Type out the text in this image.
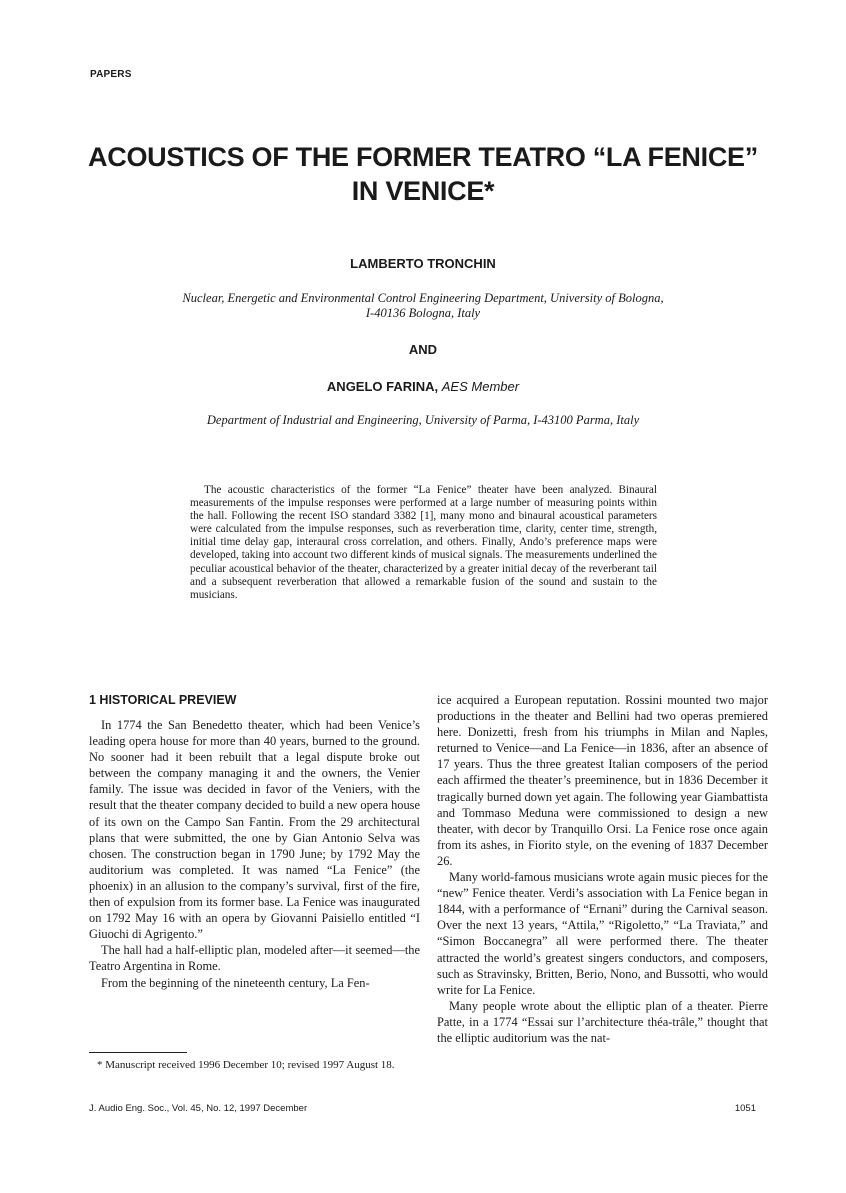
PAPERS
ACOUSTICS OF THE FORMER TEATRO “LA FENICE”
IN VENICE*
LAMBERTO TRONCHIN
Nuclear, Energetic and Environmental Control Engineering Department, University of Bologna,
I-40136 Bologna, Italy
AND
ANGELO FARINA, AES Member
Department of Industrial and Engineering, University of Parma, I-43100 Parma, Italy

The acoustic characteristics of the former “La Fenice” theater have been analyzed. Binaural measurements of the impulse responses were performed at a large number of measuring points within the hall. Following the recent ISO standard 3382 [1], many mono and binaural acoustical parameters were calculated from the impulse responses, such as reverberation time, clarity, center time, strength, initial time delay gap, interaural cross correlation, and others. Finally, Ando’s preference maps were developed, taking into account two different kinds of musical signals. The measurements underlined the peculiar acoustical behavior of the theater, characterized by a greater initial decay of the reverberant tail and a subsequent reverberation that allowed a remarkable fusion of the sound and sustain to the musicians.

1 HISTORICAL PREVIEW

In 1774 the San Benedetto theater, which had been Venice’s leading opera house for more than 40 years, burned to the ground. No sooner had it been rebuilt that a legal dispute broke out between the company managing it and the owners, the Venier family. The issue was decided in favor of the Veniers, with the result that the theater company decided to build a new opera house of its own on the Campo San Fantin. From the 29 architectural plans that were submitted, the one by Gian Antonio Selva was chosen. The construction began in 1790 June; by 1792 May the auditorium was completed. It was named “La Fenice” (the phoenix) in an allusion to the company’s survival, first of the fire, then of expulsion from its former base. La Fenice was inaugurated on 1792 May 16 with an opera by Giovanni Paisiello entitled “I Giuochi di Agrigento.”

The hall had a half-elliptic plan, modeled after—it seemed—the Teatro Argentina in Rome.

From the beginning of the nineteenth century, La Fen-

ice acquired a European reputation. Rossini mounted two major productions in the theater and Bellini had two operas premiered here. Donizetti, fresh from his triumphs in Milan and Naples, returned to Venice—and La Fenice—in 1836, after an absence of 17 years. Thus the three greatest Italian composers of the period each affirmed the theater’s preeminence, but in 1836 December it tragically burned down yet again. The following year Giambattista and Tommaso Meduna were commissioned to design a new theater, with decor by Tranquillo Orsi. La Fenice rose once again from its ashes, in Fiorito style, on the evening of 1837 December 26.

Many world-famous musicians wrote again music pieces for the “new” Fenice theater. Verdi’s association with La Fenice began in 1844, with a performance of “Ernani” during the Carnival season. Over the next 13 years, “Attila,” “Rigoletto,” “La Traviata,” and “Simon Boccanegra” all were performed there. The theater attracted the world’s greatest singers conductors, and composers, such as Stravinsky, Britten, Berio, Nono, and Bussotti, who would write for La Fenice.

Many people wrote about the elliptic plan of a theater. Pierre Patte, in a 1774 “Essai sur l’architecture théa-trâle,” thought that the elliptic auditorium was the nat-

* Manuscript received 1996 December 10; revised 1997 August 18.

J. Audio Eng. Soc., Vol. 45, No. 12, 1997 December	1051
